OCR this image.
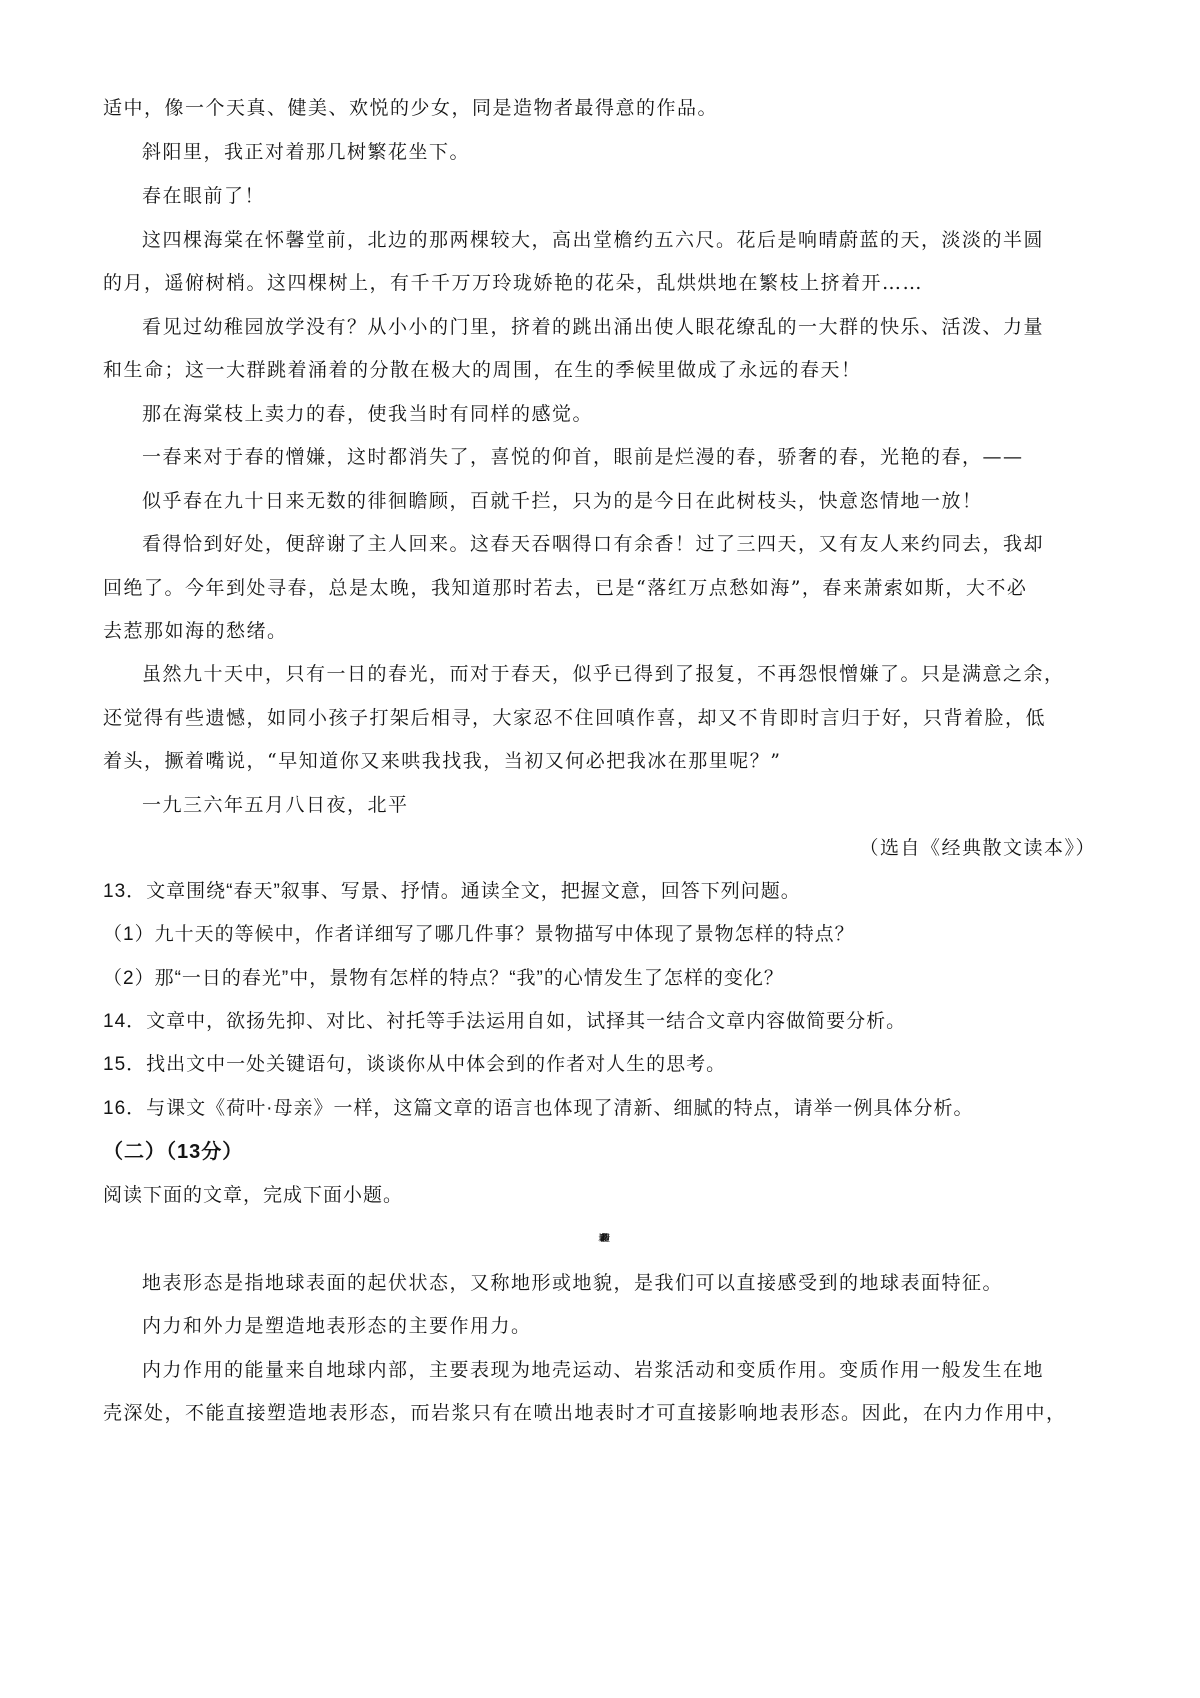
适中，像一个天真、健美、欢悦的少女，同是造物者最得意的作品。
斜阳里，我正对着那几树繁花坐下。
春在眼前了！
这四棵海棠在怀馨堂前，北边的那两棵较大，高出堂檐约五六尺。花后是响晴蔚蓝的天，淡淡的半圆
的月，遥俯树梢。这四棵树上，有千千万万玲珑娇艳的花朵，乱烘烘地在繁枝上挤着开……
看见过幼稚园放学没有？从小小的门里，挤着的跳出涌出使人眼花缭乱的一大群的快乐、活泼、力量
和生命；这一大群跳着涌着的分散在极大的周围，在生的季候里做成了永远的春天！
那在海棠枝上卖力的春，使我当时有同样的感觉。
一春来对于春的憎嫌，这时都消失了，喜悦的仰首，眼前是烂漫的春，骄奢的春，光艳的春，——
似乎春在九十日来无数的徘徊瞻顾，百就千拦，只为的是今日在此树枝头，快意恣情地一放！
看得恰到好处，便辞谢了主人回来。这春天吞咽得口有余香！过了三四天，又有友人来约同去，我却
回绝了。今年到处寻春，总是太晚，我知道那时若去，已是“落红万点愁如海”，春来萧索如斯，大不必
去惹那如海的愁绪。
虽然九十天中，只有一日的春光，而对于春天，似乎已得到了报复，不再怨恨憎嫌了。只是满意之余，
还觉得有些遗憾，如同小孩子打架后相寻，大家忍不住回嗔作喜，却又不肯即时言归于好，只背着脸，低
着头，撅着嘴说，“早知道你又来哄我找我，当初又何必把我冰在那里呢？”
一九三六年五月八日夜，北平
（选自《经典散文读本》）
13．文章围绕“春天”叙事、写景、抒情。通读全文，把握文意，回答下列问题。
（1）九十天的等候中，作者详细写了哪几件事？景物描写中体现了景物怎样的特点？
（2）那“一日的春光”中，景物有怎样的特点？“我”的心情发生了怎样的变化？
14．文章中，欲扬先抑、对比、衬托等手法运用自如，试择其一结合文章内容做简要分析。
15．找出文中一处关键语句，谈谈你从中体会到的作者对人生的思考。
16．与课文《荷叶·母亲》一样，这篇文章的语言也体现了清新、细腻的特点，请举一例具体分析。
（二）（13分）
阅读下面的文章，完成下面小题。
地表形态的塑造
地表形态是指地球表面的起伏状态，又称地形或地貌，是我们可以直接感受到的地球表面特征。
内力和外力是塑造地表形态的主要作用力。
内力作用的能量来自地球内部，主要表现为地壳运动、岩浆活动和变质作用。变质作用一般发生在地
壳深处，不能直接塑造地表形态，而岩浆只有在喷出地表时才可直接影响地表形态。因此，在内力作用中，
